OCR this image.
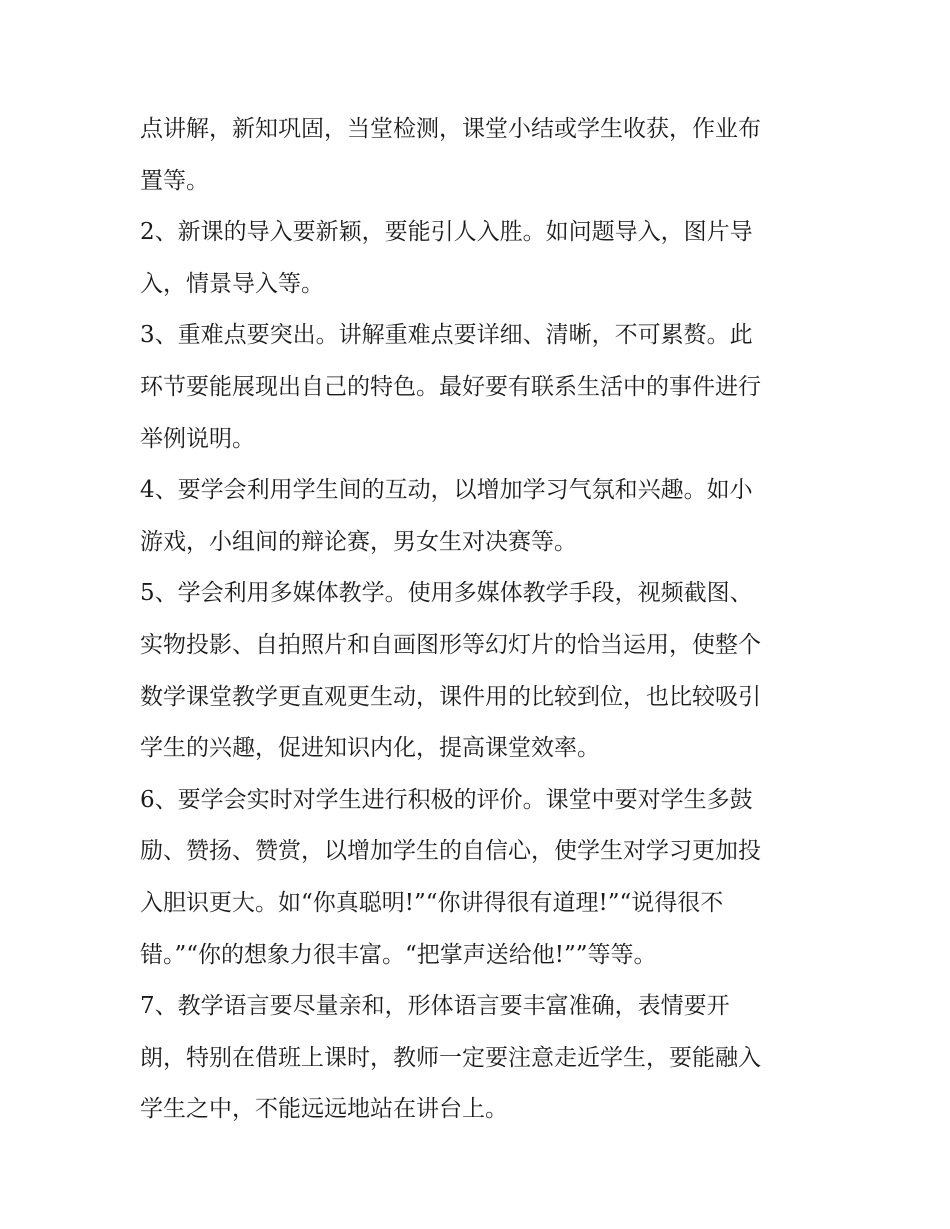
点讲解，新知巩固，当堂检测，课堂小结或学生收获，作业布
置等。
2、新课的导入要新颖，要能引人入胜。如问题导入，图片导
入，情景导入等。
3、重难点要突出。讲解重难点要详细、清晰，不可累赘。此
环节要能展现出自己的特色。最好要有联系生活中的事件进行
举例说明。
4、要学会利用学生间的互动，以增加学习气氛和兴趣。如小
游戏，小组间的辩论赛，男女生对决赛等。
5、学会利用多媒体教学。使用多媒体教学手段，视频截图、
实物投影、自拍照片和自画图形等幻灯片的恰当运用，使整个
数学课堂教学更直观更生动，课件用的比较到位，也比较吸引
学生的兴趣，促进知识内化，提高课堂效率。
6、要学会实时对学生进行积极的评价。课堂中要对学生多鼓
励、赞扬、赞赏，以增加学生的自信心，使学生对学习更加投
入胆识更大。如“你真聪明!”“你讲得很有道理!”“说得很不
错。”“你的想象力很丰富。“把掌声送给他!””等等。
7、教学语言要尽量亲和，形体语言要丰富准确，表情要开
朗，特别在借班上课时，教师一定要注意走近学生，要能融入
学生之中，不能远远地站在讲台上。
